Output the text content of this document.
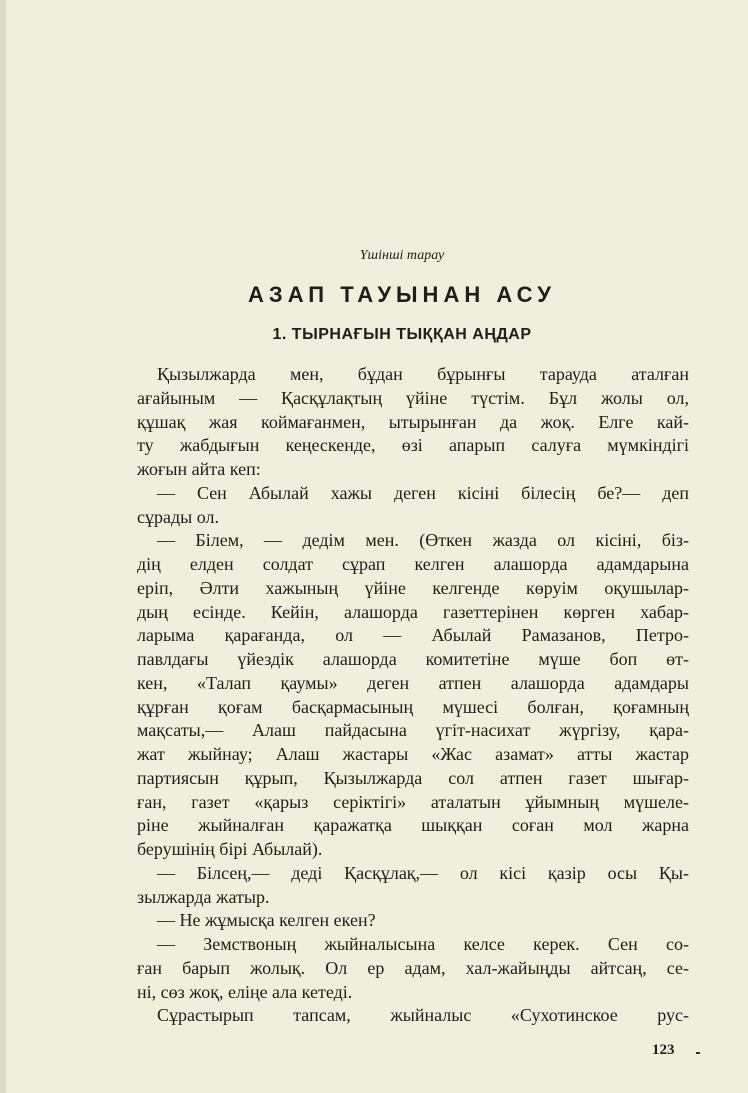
Үшінші тарау
АЗАП ТАУЫНАН АСУ
1. ТЫРНАҒЫН ТЫҚҚАН АҢДАР
Қызылжарда мен, бұдан бұрынғы тарауда аталған
ағайыным — Қасқұлақтың үйіне түстім. Бұл жолы ол,
құшақ жая коймағанмен, ытырынған да жоқ. Елге кай-
ту жабдығын кеңескенде, өзі апарып салуға мүмкіндігі
жоғын айта кеп:
— Сен Абылай хажы деген кісіні білесің бе?— деп
сұрады ол.
— Білем, — дедім мен. (Өткен жазда ол кісіні, біз-
дің елден солдат сұрап келген алашорда адамдарына
еріп, Әлти хажының үйіне келгенде көруім оқушылар-
дың есінде. Кейін, алашорда газеттерінен көрген хабар-
ларыма қарағанда, ол — Абылай Рамазанов, Петро-
павлдағы үйездік алашорда комитетіне мүше боп өт-
кен, «Талап қаумы» деген атпен алашорда адамдары
құрған қоғам басқармасының мүшесі болған, қоғамның
мақсаты,— Алаш пайдасына үгіт-насихат жүргізу, қара-
жат жыйнау; Алаш жастары «Жас азамат» атты жастар
партиясын құрып, Қызылжарда сол атпен газет шығар-
ған, газет «қарыз серіктігі» аталатын ұйымның мүшеле-
ріне жыйналған қаражатқа шыққан соған мол жарна
берушінің бірі Абылай).
— Білсең,— деді Қасқұлақ,— ол кісі қазір осы Қы-
зылжарда жатыр.
— Не жұмысқа келген екен?
— Земствоның жыйналысына келсе керек. Сен со-
ған барып жолық. Ол ер адам, хал-жайыңды айтсаң, се-
ні, сөз жоқ, еліңе ала кетеді.
Сұрастырып тапсам, жыйналыс «Сухотинское рус-
123
